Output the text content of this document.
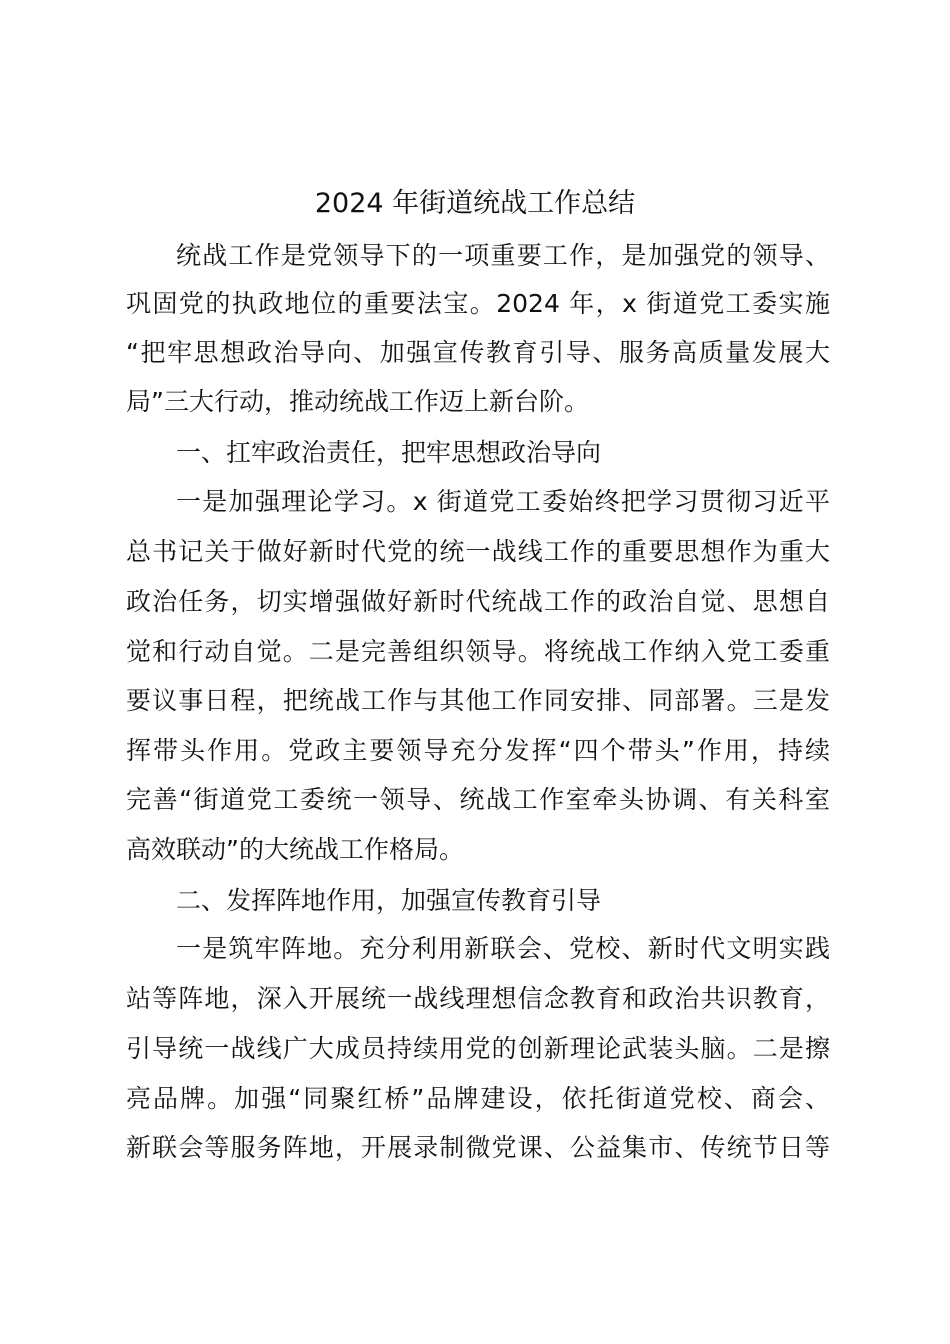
2024 年街道统战工作总结
统战工作是党领导下的一项重要工作，是加强党的领导、
巩固党的执政地位的重要法宝。2024 年，x 街道党工委实施
“把牢思想政治导向、加强宣传教育引导、服务高质量发展大
局”三大行动，推动统战工作迈上新台阶。
一、扛牢政治责任，把牢思想政治导向
一是加强理论学习。x 街道党工委始终把学习贯彻习近平
总书记关于做好新时代党的统一战线工作的重要思想作为重大
政治任务，切实增强做好新时代统战工作的政治自觉、思想自
觉和行动自觉。二是完善组织领导。将统战工作纳入党工委重
要议事日程，把统战工作与其他工作同安排、同部署。三是发
挥带头作用。党政主要领导充分发挥“四个带头”作用，持续
完善“街道党工委统一领导、统战工作室牵头协调、有关科室
高效联动”的大统战工作格局。
二、发挥阵地作用，加强宣传教育引导
一是筑牢阵地。充分利用新联会、党校、新时代文明实践
站等阵地，深入开展统一战线理想信念教育和政治共识教育，
引导统一战线广大成员持续用党的创新理论武装头脑。二是擦
亮品牌。加强“同聚红桥”品牌建设，依托街道党校、商会、
新联会等服务阵地，开展录制微党课、公益集市、传统节日等
